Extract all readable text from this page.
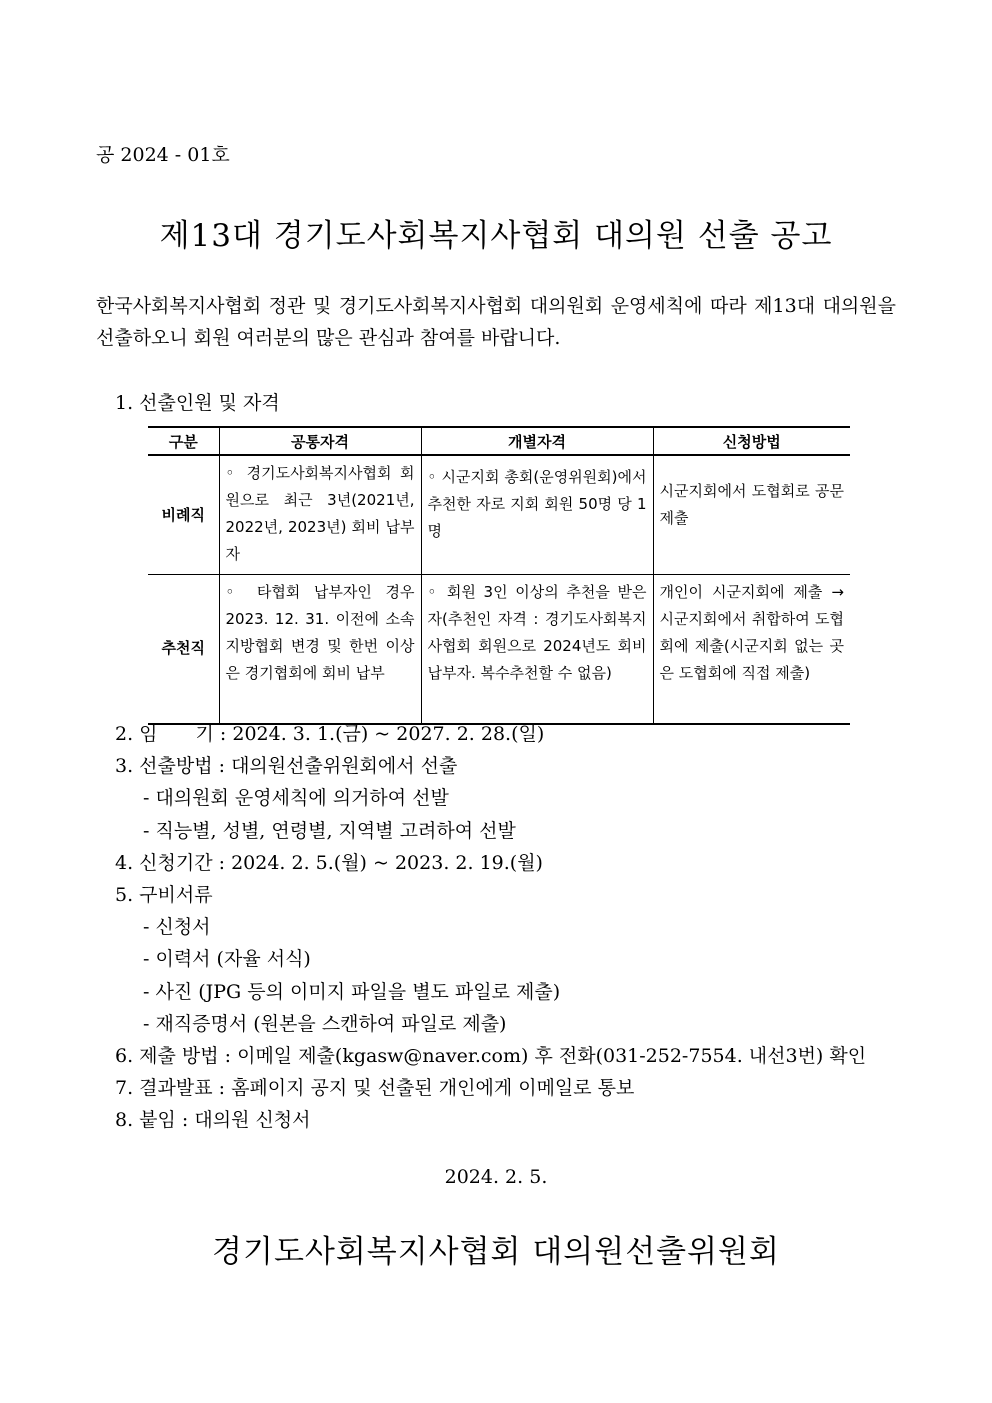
공 2024 - 01호
제13대 경기도사회복지사협회 대의원 선출 공고
한국사회복지사협회 정관 및 경기도사회복지사협회 대의원회 운영세칙에 따라 제13대 대의원을 선출하오니 회원 여러분의 많은 관심과 참여를 바랍니다.
1. 선출인원 및 자격
구분	공통자격	개별자격	신청방법
비례직	◦ 경기도사회복지사협회 회원으로 최근 3년(2021년, 2022년, 2023년) 회비 납부자	◦ 시군지회 총회(운영위원회)에서 추천한 자로 지회 회원 50명 당 1명	시군지회에서 도협회로 공문 제출
추천직	◦ 타협회 납부자인 경우 2023. 12. 31. 이전에 소속 지방협회 변경 및 한번 이상은 경기협회에 회비 납부	◦ 회원 3인 이상의 추천을 받은 자(추천인 자격 : 경기도사회복지사협회 회원으로 2024년도 회비 납부자. 복수추천할 수 없음)	개인이 시군지회에 제출 → 시군지회에서 취합하여 도협회에 제출(시군지회 없는 곳은 도협회에 직접 제출)
2. 임　　기 : 2024. 3. 1.(금) ~ 2027. 2. 28.(일)
3. 선출방법 : 대의원선출위원회에서 선출
- 대의원회 운영세칙에 의거하여 선발
- 직능별, 성별, 연령별, 지역별 고려하여 선발
4. 신청기간 : 2024. 2. 5.(월) ~ 2023. 2. 19.(월)
5. 구비서류
- 신청서
- 이력서 (자율 서식)
- 사진 (JPG 등의 이미지 파일을 별도 파일로 제출)
- 재직증명서 (원본을 스캔하여 파일로 제출)
6. 제출 방법 : 이메일 제출(kgasw@naver.com) 후 전화(031-252-7554. 내선3번) 확인
7. 결과발표 : 홈페이지 공지 및 선출된 개인에게 이메일로 통보
8. 붙임 : 대의원 신청서
2024. 2. 5.
경기도사회복지사협회 대의원선출위원회
